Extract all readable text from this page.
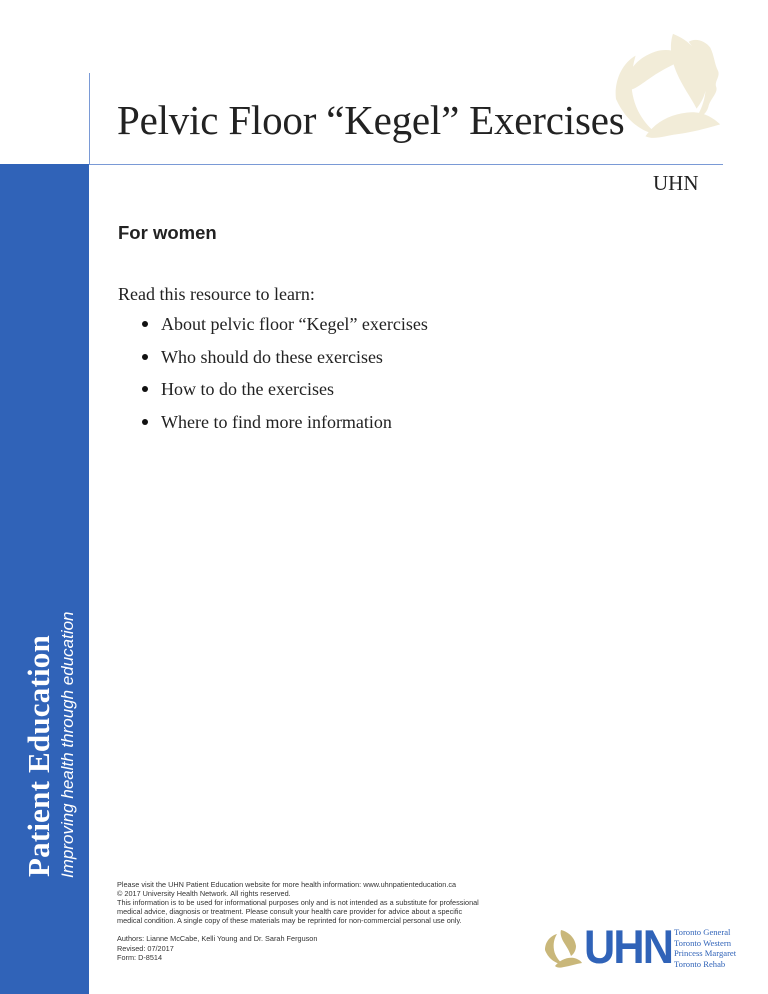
Patient Education Improving health through education
Pelvic Floor “Kegel” Exercises
UHN
For women
Read this resource to learn:
About pelvic floor “Kegel” exercises
Who should do these exercises
How to do the exercises
Where to find more information

Please visit the UHN Patient Education website for more health information: www.uhnpatienteducation.ca

© 2017 University Health Network. All rights reserved.

This information is to be used for informational purposes only and is not intended as a substitute for professional

medical advice, diagnosis or treatment. Please consult your health care provider for advice about a specific

medical condition. A single copy of these materials may be reprinted for non-commercial personal use only.

Authors: Lianne McCabe, Kelli Young and Dr. Sarah Ferguson

Revised: 07/2017

Form: D-8514	UHN Toronto General
Toronto Western
Princess Margaret
Toronto Rehab
